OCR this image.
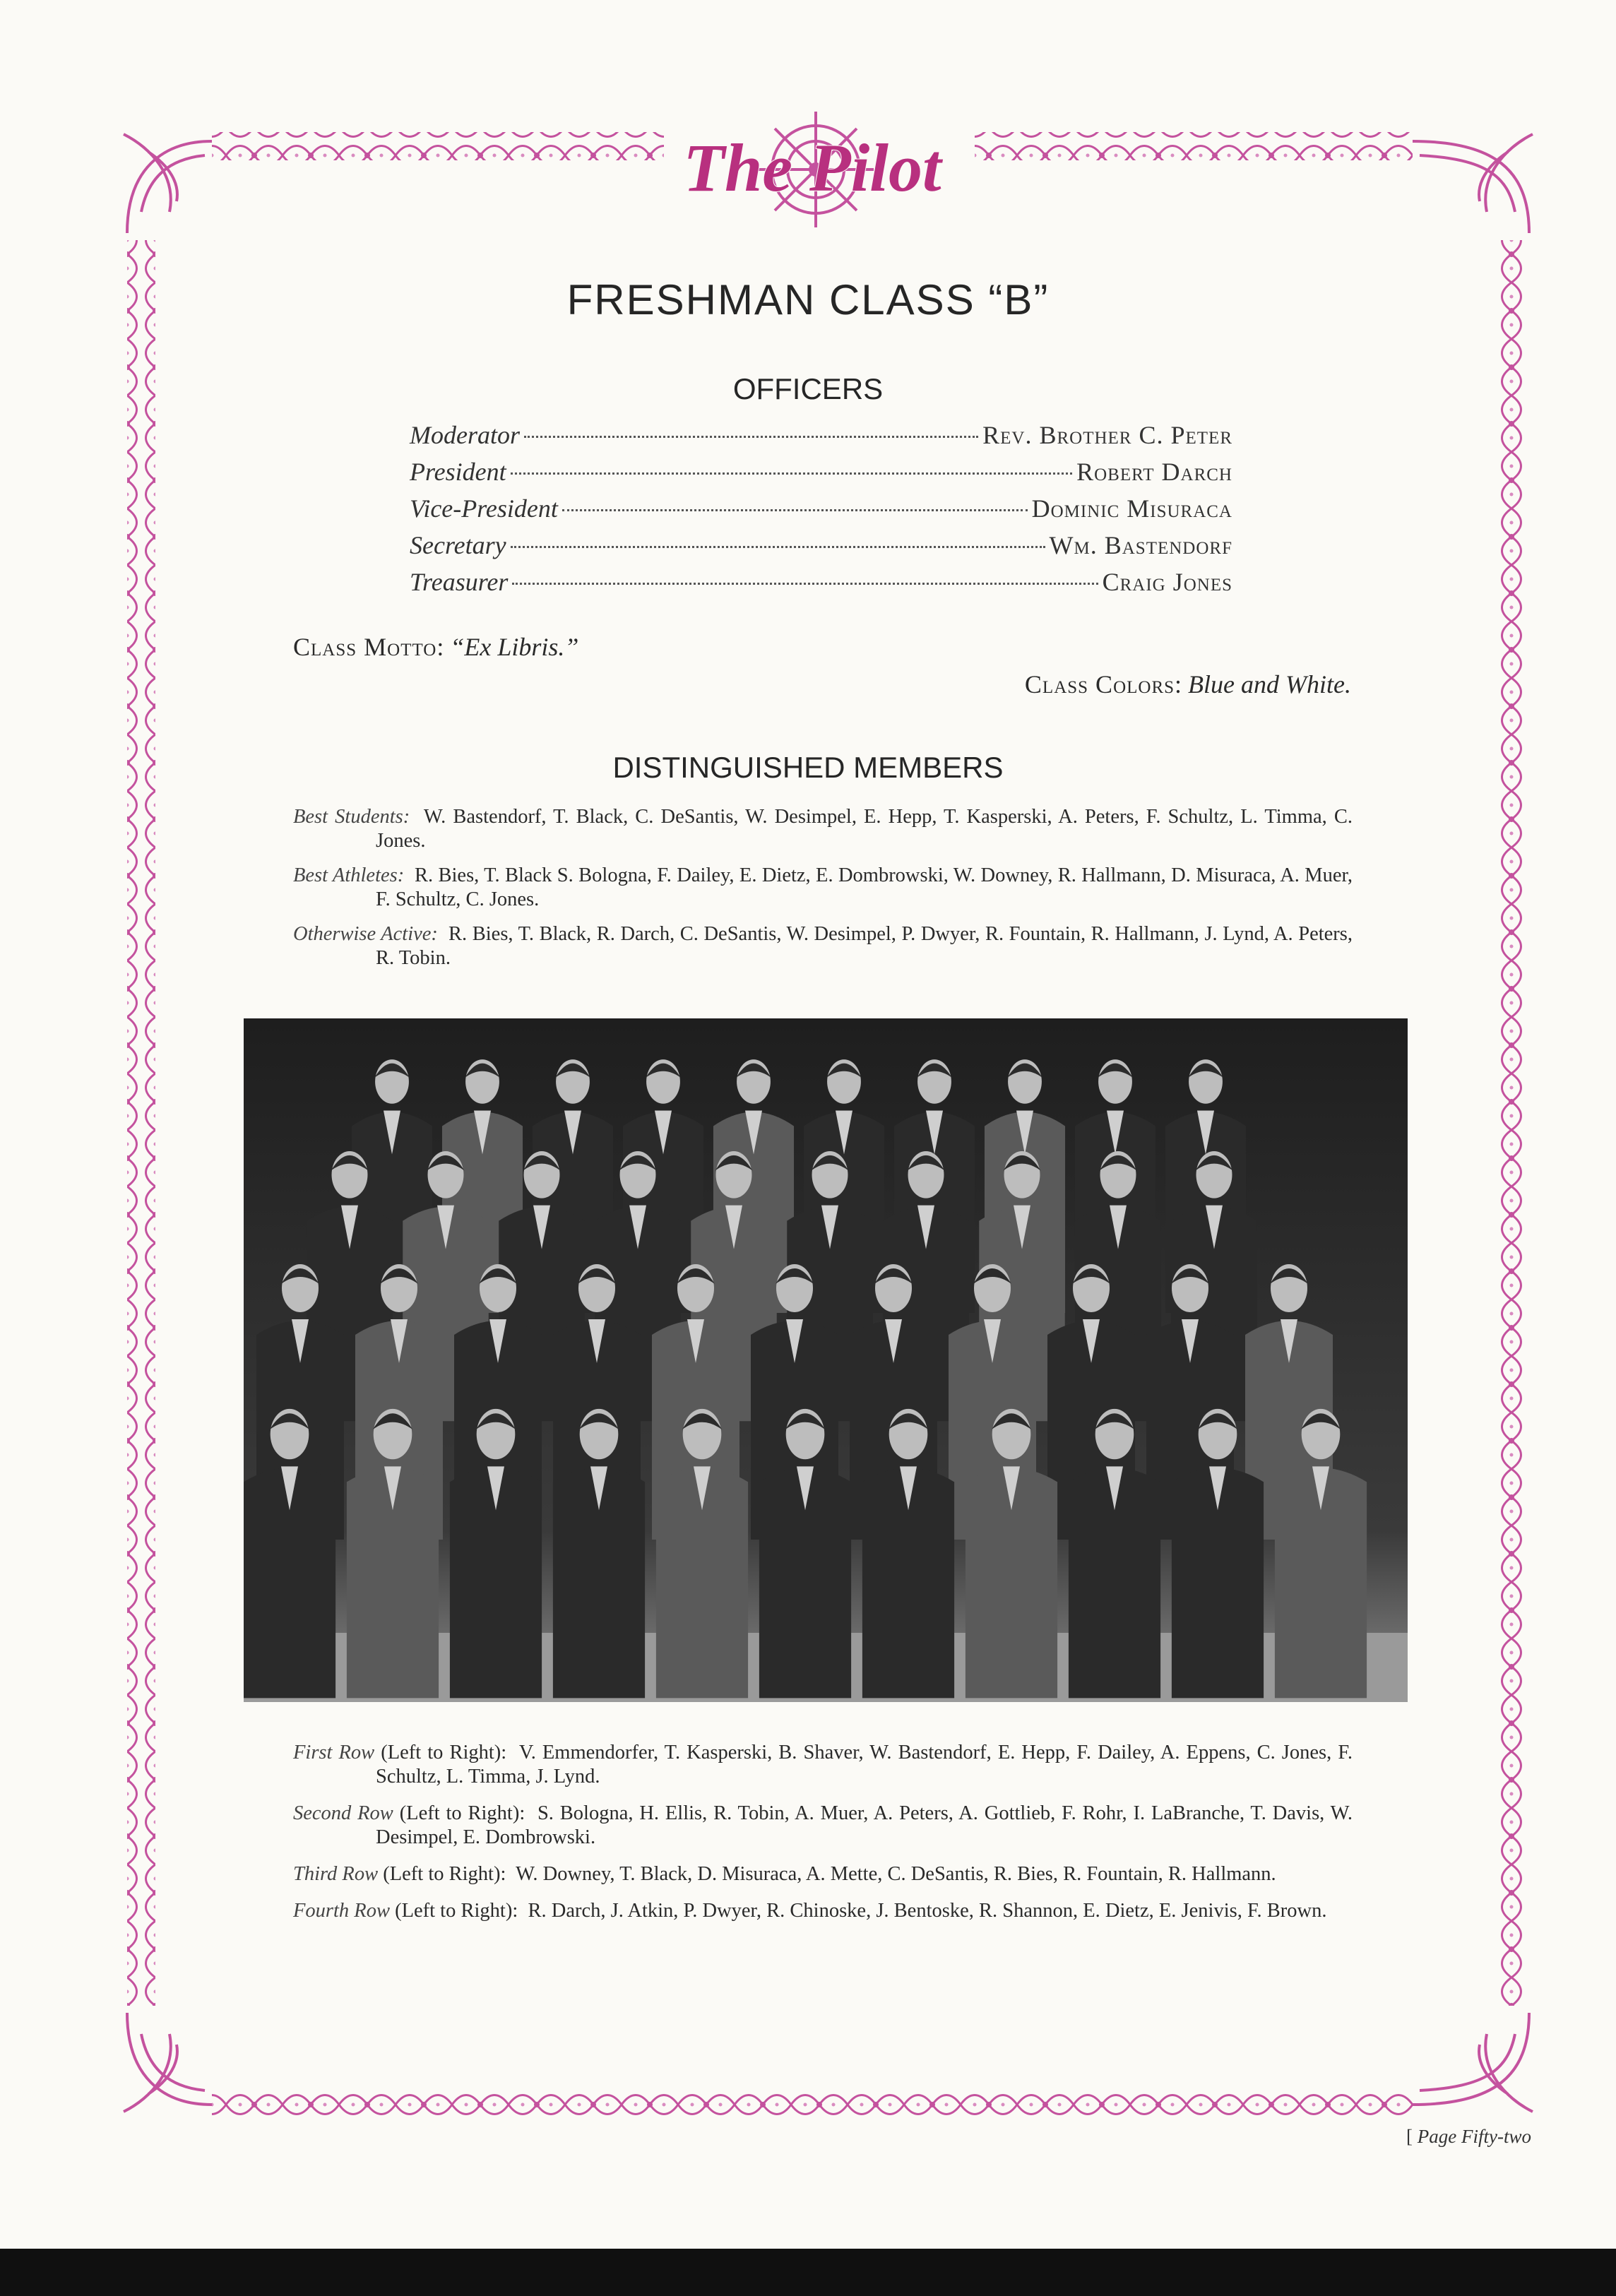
The Pilot
FRESHMAN CLASS “B”
OFFICERS
Moderator	Rev. Brother C. Peter
President	Robert Darch
Vice-President	Dominic Misuraca
Secretary	Wm. Bastendorf
Treasurer	Craig Jones
Class Motto: “Ex Libris.”
Class Colors: Blue and White.
DISTINGUISHED MEMBERS

Best Students: W. Bastendorf, T. Black, C. DeSantis, W. Desimpel, E. Hepp, T. Kasperski, A. Peters, F. Schultz, L. Timma, C. Jones.

Best Athletes: R. Bies, T. Black S. Bologna, F. Dailey, E. Dietz, E. Dombrowski, W. Downey, R. Hallmann, D. Misuraca, A. Muer, F. Schultz, C. Jones.

Otherwise Active: R. Bies, T. Black, R. Darch, C. DeSantis, W. Desimpel, P. Dwyer, R. Fountain, R. Hallmann, J. Lynd, A. Peters, R. Tobin.

First Row (Left to Right):  V. Emmendorfer, T. Kasperski, B. Shaver, W. Bastendorf, E. Hepp, F. Dailey, A. Eppens, C. Jones, F. Schultz, L. Timma, J. Lynd.

Second Row (Left to Right):  S. Bologna, H. Ellis, R. Tobin, A. Muer, A. Peters, A. Gottlieb, F. Rohr, I. LaBranche, T. Davis, W. Desimpel, E. Dombrowski.

Third Row (Left to Right):  W. Downey, T. Black, D. Misuraca, A. Mette, C. DeSantis, R. Bies, R. Fountain, R. Hallmann.

Fourth Row (Left to Right):  R. Darch, J. Atkin, P. Dwyer, R. Chinoske, J. Bentoske, R. Shannon, E. Dietz, E. Jenivis, F. Brown.

[ Page Fifty-two
